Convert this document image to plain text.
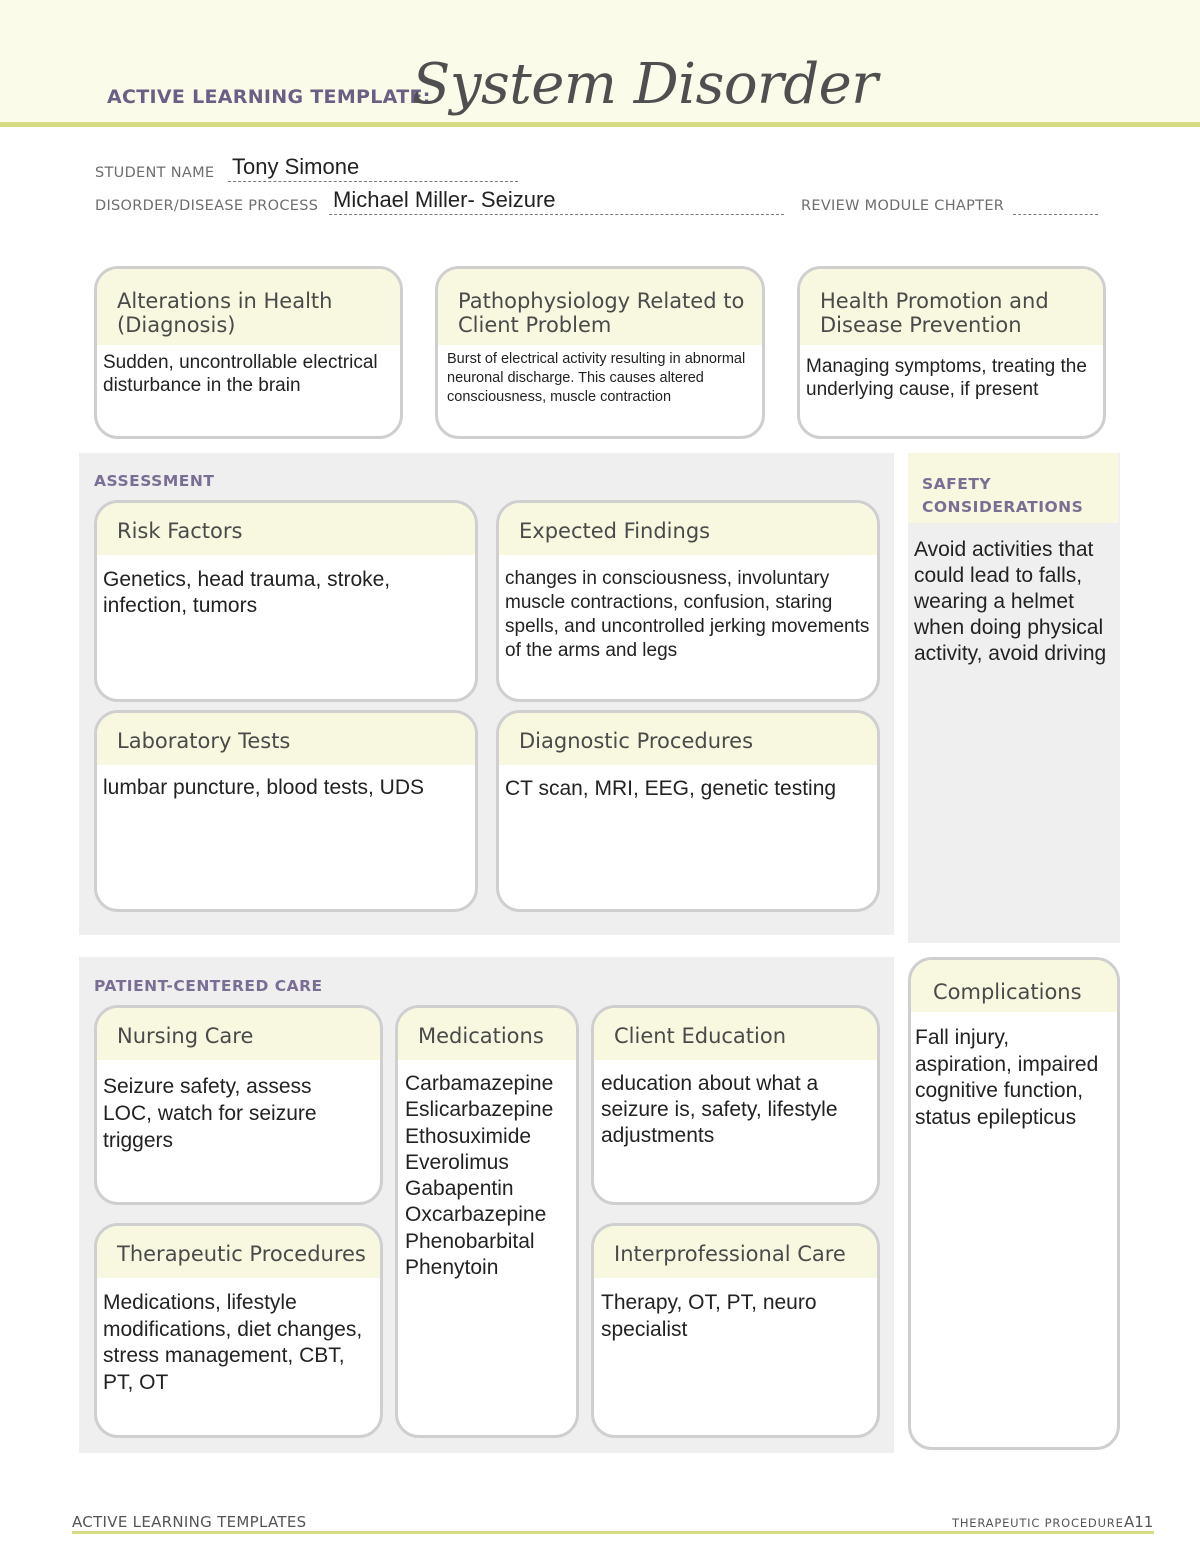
ACTIVE LEARNING TEMPLATE:
System Disorder
STUDENT NAME Tony Simone
DISORDER/DISEASE PROCESS Michael Miller- Seizure	REVIEW MODULE CHAPTER
Alterations in Health (Diagnosis)
Sudden, uncontrollable electrical disturbance in the brain
Pathophysiology Related to Client Problem
Burst of electrical activity resulting in abnormal neuronal discharge. This causes altered consciousness, muscle contraction
Health Promotion and Disease Prevention
Managing symptoms, treating the underlying cause, if present
ASSESSMENT
Risk Factors
Genetics, head trauma, stroke, infection, tumors
Expected Findings
changes in consciousness, involuntary muscle contractions, confusion, staring spells, and uncontrolled jerking movements of the arms and legs
Laboratory Tests
lumbar puncture, blood tests, UDS
Diagnostic Procedures
CT scan, MRI, EEG, genetic testing
SAFETY
CONSIDERATIONS
Avoid activities that could lead to falls, wearing a helmet when doing physical activity, avoid driving
PATIENT-CENTERED CARE
Nursing Care
Seizure safety, assess LOC, watch for seizure triggers
Medications
Carbamazepine
Eslicarbazepine
Ethosuximide
Everolimus
Gabapentin
Oxcarbazepine
Phenobarbital
Phenytoin
Client Education
education about what a seizure is, safety, lifestyle adjustments
Therapeutic Procedures
Medications, lifestyle modifications, diet changes, stress management, CBT, PT, OT
Interprofessional Care
Therapy, OT, PT, neuro specialist
Complications
Fall injury, aspiration, impaired cognitive function, status epilepticus
ACTIVE LEARNING TEMPLATES	THERAPEUTIC PROCEDURE A11
